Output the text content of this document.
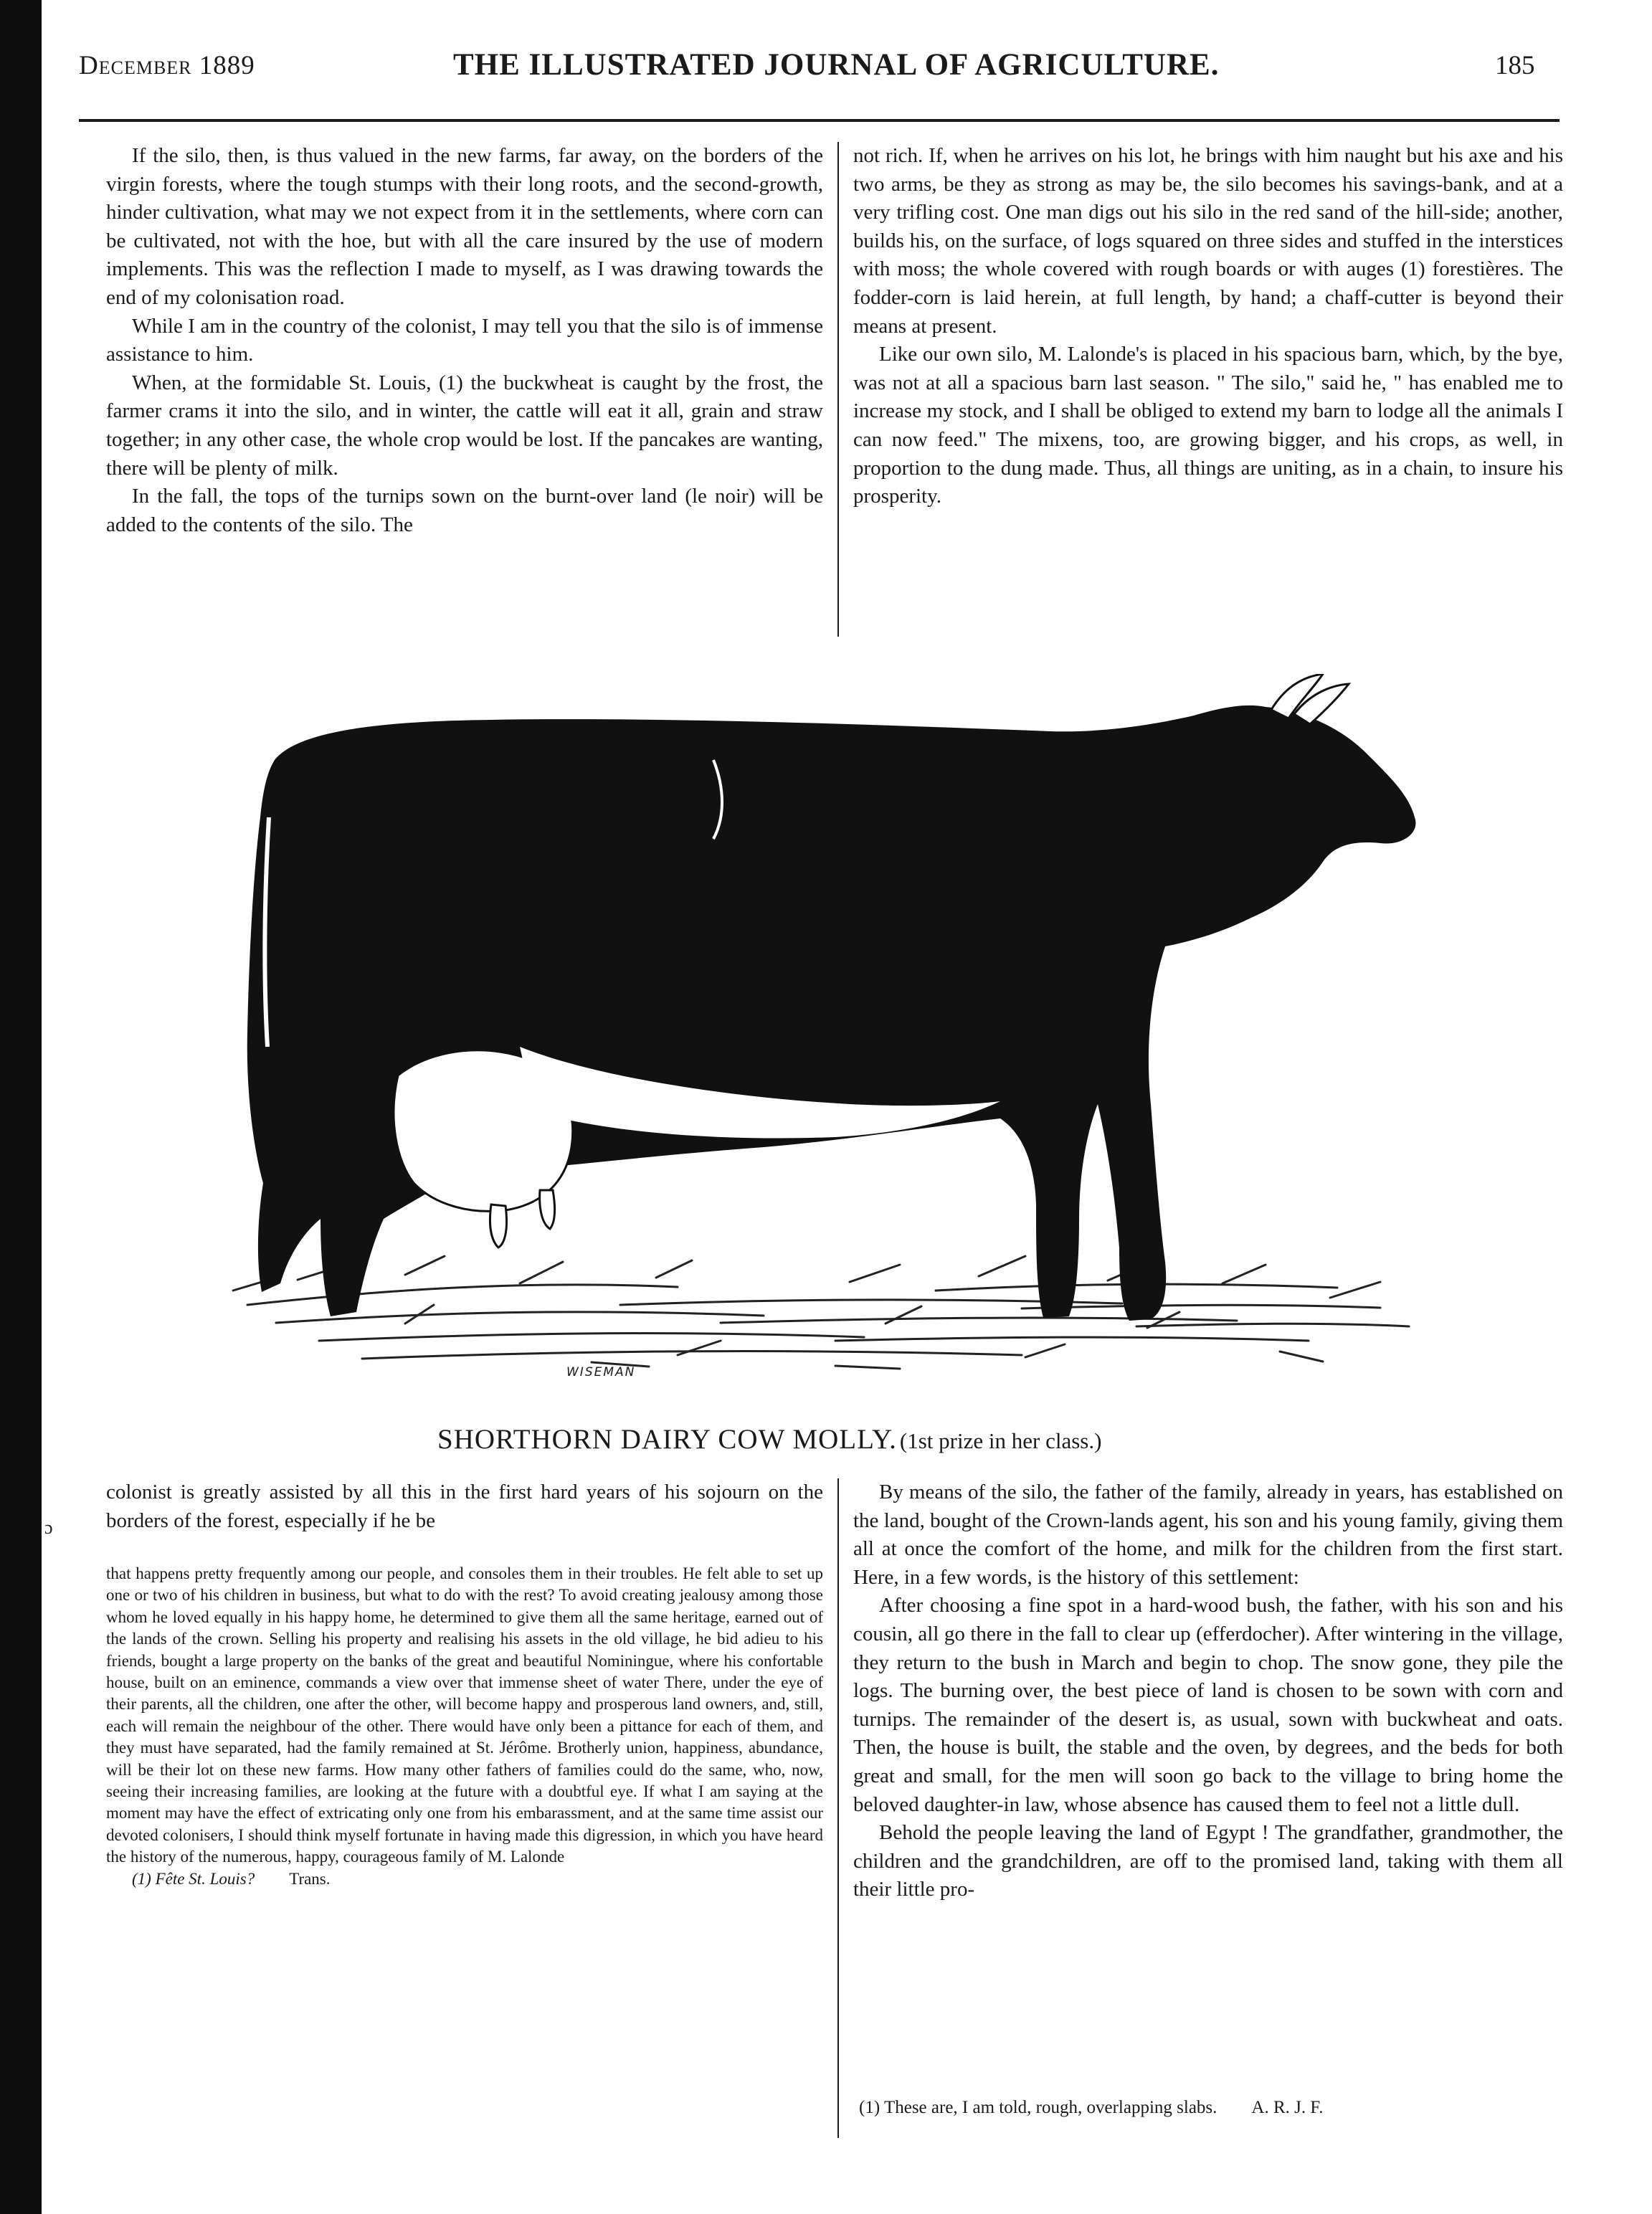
December 1889	THE ILLUSTRATED JOURNAL OF AGRICULTURE.	185

If the silo, then, is thus valued in the new farms, far away, on the borders of the virgin forests, where the tough stumps with their long roots, and the second-growth, hinder cultivation, what may we not expect from it in the settlements, where corn can be cultivated, not with the hoe, but with all the care insured by the use of modern implements. This was the reflection I made to myself, as I was drawing towards the end of my colonisation road.

While I am in the country of the colonist, I may tell you that the silo is of immense assistance to him.

When, at the formidable St. Louis, (1) the buckwheat is caught by the frost, the farmer crams it into the silo, and in winter, the cattle will eat it all, grain and straw together; in any other case, the whole crop would be lost. If the pancakes are wanting, there will be plenty of milk.

In the fall, the tops of the turnips sown on the burnt-over land (le noir) will be added to the contents of the silo. The

not rich. If, when he arrives on his lot, he brings with him naught but his axe and his two arms, be they as strong as may be, the silo becomes his savings-bank, and at a very trifling cost. One man digs out his silo in the red sand of the hill-side; another, builds his, on the surface, of logs squared on three sides and stuffed in the interstices with moss; the whole covered with rough boards or with auges (1) forestières. The fodder-corn is laid herein, at full length, by hand; a chaff-cutter is beyond their means at present.

Like our own silo, M. Lalonde's is placed in his spacious barn, which, by the bye, was not at all a spacious barn last season. " The silo," said he, " has enabled me to increase my stock, and I shall be obliged to extend my barn to lodge all the animals I can now feed." The mixens, too, are growing bigger, and his crops, as well, in proportion to the dung made. Thus, all things are uniting, as in a chain, to insure his prosperity.

WISEMAN
SHORTHORN DAIRY COW MOLLY. (1st prize in her class.)
ɔ

colonist is greatly assisted by all this in the first hard years of his sojourn on the borders of the forest, especially if he be

that happens pretty frequently among our people, and consoles them in their troubles. He felt able to set up one or two of his children in business, but what to do with the rest? To avoid creating jealousy among those whom he loved equally in his happy home, he determined to give them all the same heritage, earned out of the lands of the crown. Selling his property and realising his assets in the old village, he bid adieu to his friends, bought a large property on the banks of the great and beautiful Nominingue, where his confortable house, built on an eminence, commands a view over that immense sheet of water There, under the eye of their parents, all the children, one after the other, will become happy and prosperous land owners, and, still, each will remain the neighbour of the other. There would have only been a pittance for each of them, and they must have separated, had the family remained at St. Jérôme. Brotherly union, happiness, abundance, will be their lot on these new farms. How many other fathers of families could do the same, who, now, seeing their increasing families, are looking at the future with a doubtful eye. If what I am saying at the moment may have the effect of extricating only one from his embarassment, and at the same time assist our devoted colonisers, I should think myself fortunate in having made this digression, in which you have heard the history of the numerous, happy, courageous family of M. Lalonde

(1) Fête St. Louis? Trans.

By means of the silo, the father of the family, already in years, has established on the land, bought of the Crown-lands agent, his son and his young family, giving them all at once the comfort of the home, and milk for the children from the first start. Here, in a few words, is the history of this settlement:

After choosing a fine spot in a hard-wood bush, the father, with his son and his cousin, all go there in the fall to clear up (efferdocher). After wintering in the village, they return to the bush in March and begin to chop. The snow gone, they pile the logs. The burning over, the best piece of land is chosen to be sown with corn and turnips. The remainder of the desert is, as usual, sown with buckwheat and oats. Then, the house is built, the stable and the oven, by degrees, and the beds for both great and small, for the men will soon go back to the village to bring home the beloved daughter-in law, whose absence has caused them to feel not a little dull.

Behold the people leaving the land of Egypt ! The grandfather, grandmother, the children and the grandchildren, are off to the promised land, taking with them all their little pro-

(1) These are, I am told, rough, overlapping slabs. A. R. J. F.
